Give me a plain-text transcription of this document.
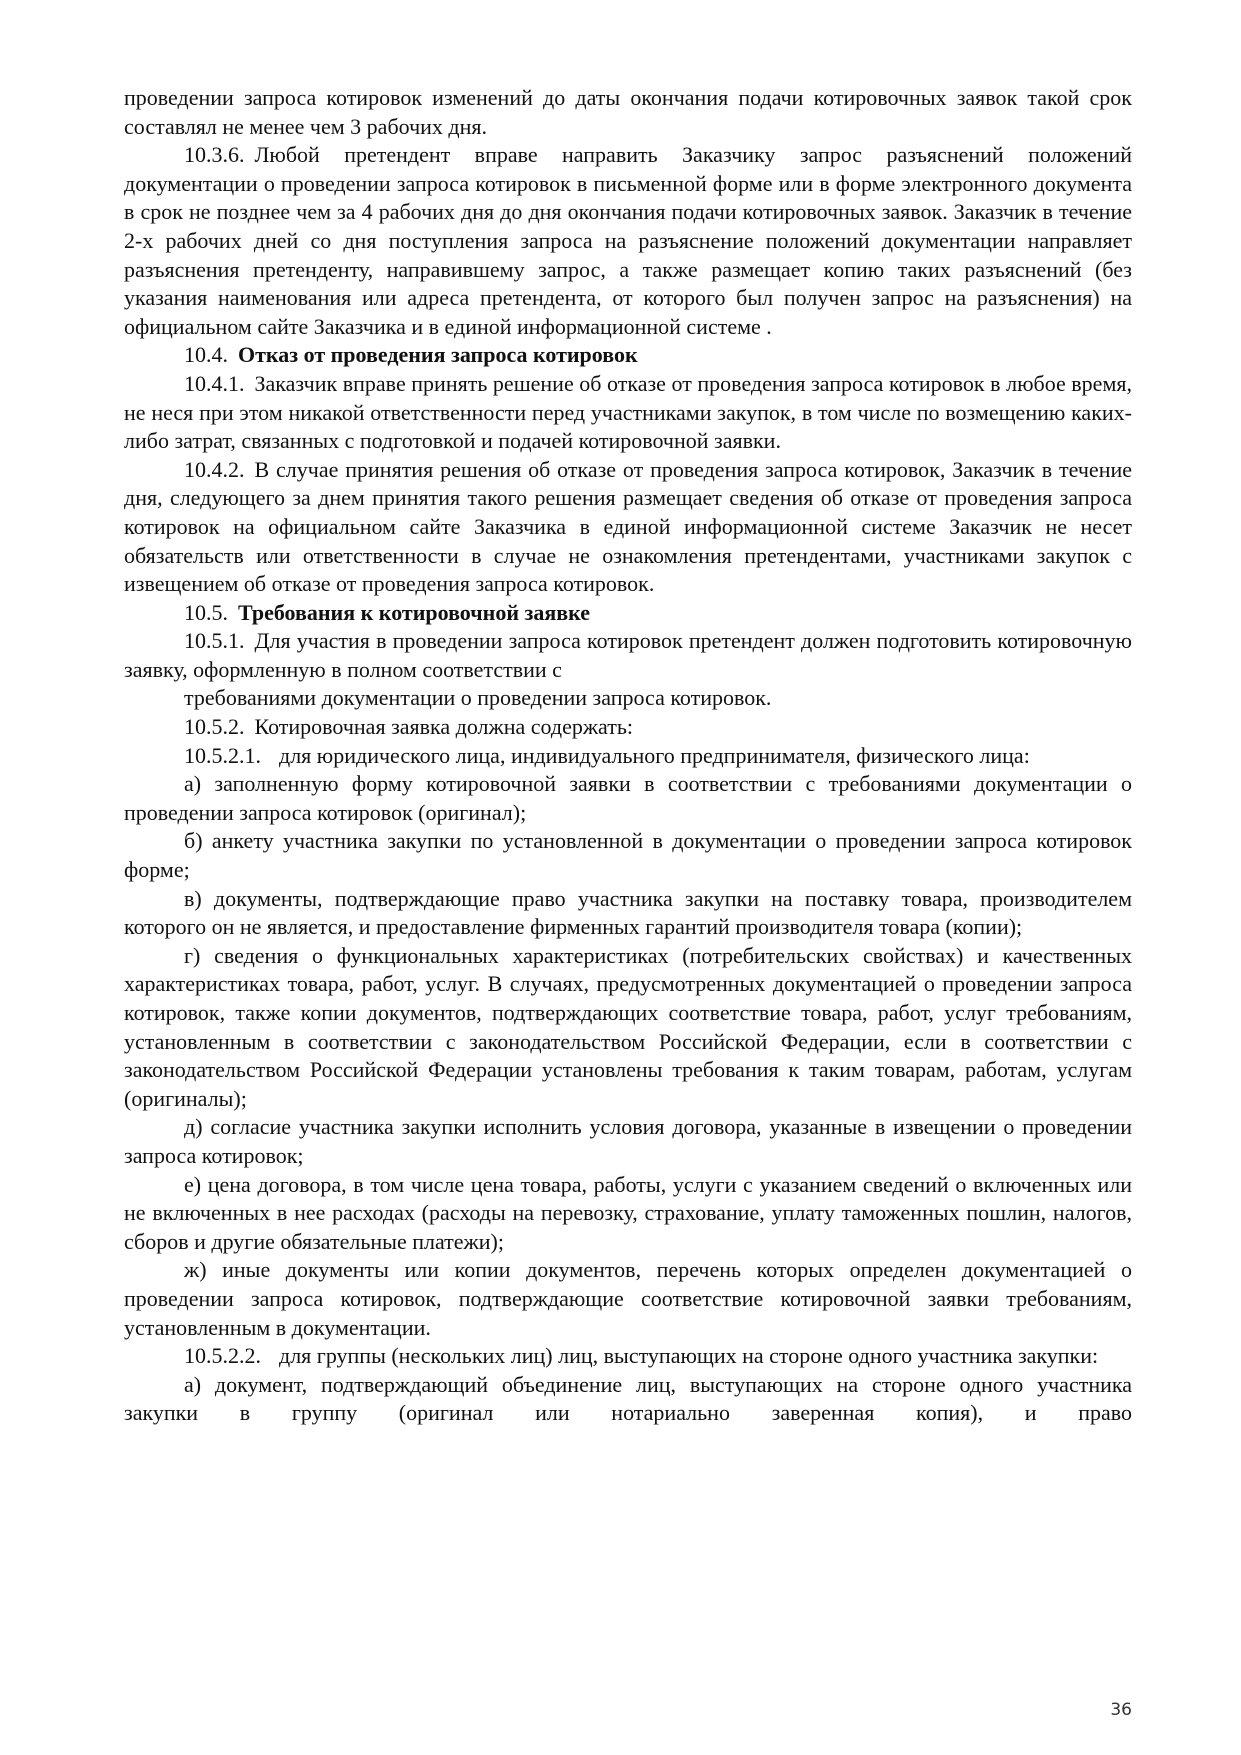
проведении запроса котировок изменений до даты окончания подачи котировочных заявок такой срок составлял не менее чем 3 рабочих дня.

10.3.6. Любой претендент вправе направить Заказчику запрос разъяснений положений документации о проведении запроса котировок в письменной форме или в форме электронного документа в срок не позднее чем за 4 рабочих дня до дня окончания подачи котировочных заявок. Заказчик в течение 2-х рабочих дней со дня поступления запроса на разъяснение положений документации направляет разъяснения претенденту, направившему запрос, а также размещает копию таких разъяснений (без указания наименования или адреса претендента, от которого был получен запрос на разъяснения) на официальном сайте Заказчика и в единой информационной системе .

10.4. Отказ от проведения запроса котировок

10.4.1. Заказчик вправе принять решение об отказе от проведения запроса котировок в любое время, не неся при этом никакой ответственности перед участниками закупок, в том числе по возмещению каких-либо затрат, связанных с подготовкой и подачей котировочной заявки.

10.4.2. В случае принятия решения об отказе от проведения запроса котировок, Заказчик в течение дня, следующего за днем принятия такого решения размещает сведения об отказе от проведения запроса котировок на официальном сайте Заказчика в единой информационной системе Заказчик не несет обязательств или ответственности в случае не ознакомления претендентами, участниками закупок с извещением об отказе от проведения запроса котировок.

10.5. Требования к котировочной заявке

10.5.1. Для участия в проведении запроса котировок претендент должен подготовить котировочную заявку, оформленную в полном соответствии с

требованиями документации о проведении запроса котировок.

10.5.2. Котировочная заявка должна содержать:

10.5.2.1. для юридического лица, индивидуального предпринимателя, физического лица:

а) заполненную форму котировочной заявки в соответствии с требованиями документации о проведении запроса котировок (оригинал);

б) анкету участника закупки по установленной в документации о проведении запроса котировок форме;

в) документы, подтверждающие право участника закупки на поставку товара, производителем которого он не является, и предоставление фирменных гарантий производителя товара (копии);

г) сведения о функциональных характеристиках (потребительских свойствах) и качественных характеристиках товара, работ, услуг. В случаях, предусмотренных документацией о проведении запроса котировок, также копии документов, подтверждающих соответствие товара, работ, услуг требованиям, установленным в соответствии с законодательством Российской Федерации, если в соответствии с законодательством Российской Федерации установлены требования к таким товарам, работам, услугам (оригиналы);

д) согласие участника закупки исполнить условия договора, указанные в извещении о проведении запроса котировок;

е) цена договора, в том числе цена товара, работы, услуги с указанием сведений о включенных или не включенных в нее расходах (расходы на перевозку, страхование, уплату таможенных пошлин, налогов, сборов и другие обязательные платежи);

ж) иные документы или копии документов, перечень которых определен документацией о проведении запроса котировок, подтверждающие соответствие котировочной заявки требованиям, установленным в документации.

10.5.2.2. для группы (нескольких лиц) лиц, выступающих на стороне одного участника закупки:

а) документ, подтверждающий объединение лиц, выступающих на стороне одного участника закупки в группу (оригинал или нотариально заверенная копия), и право

36
